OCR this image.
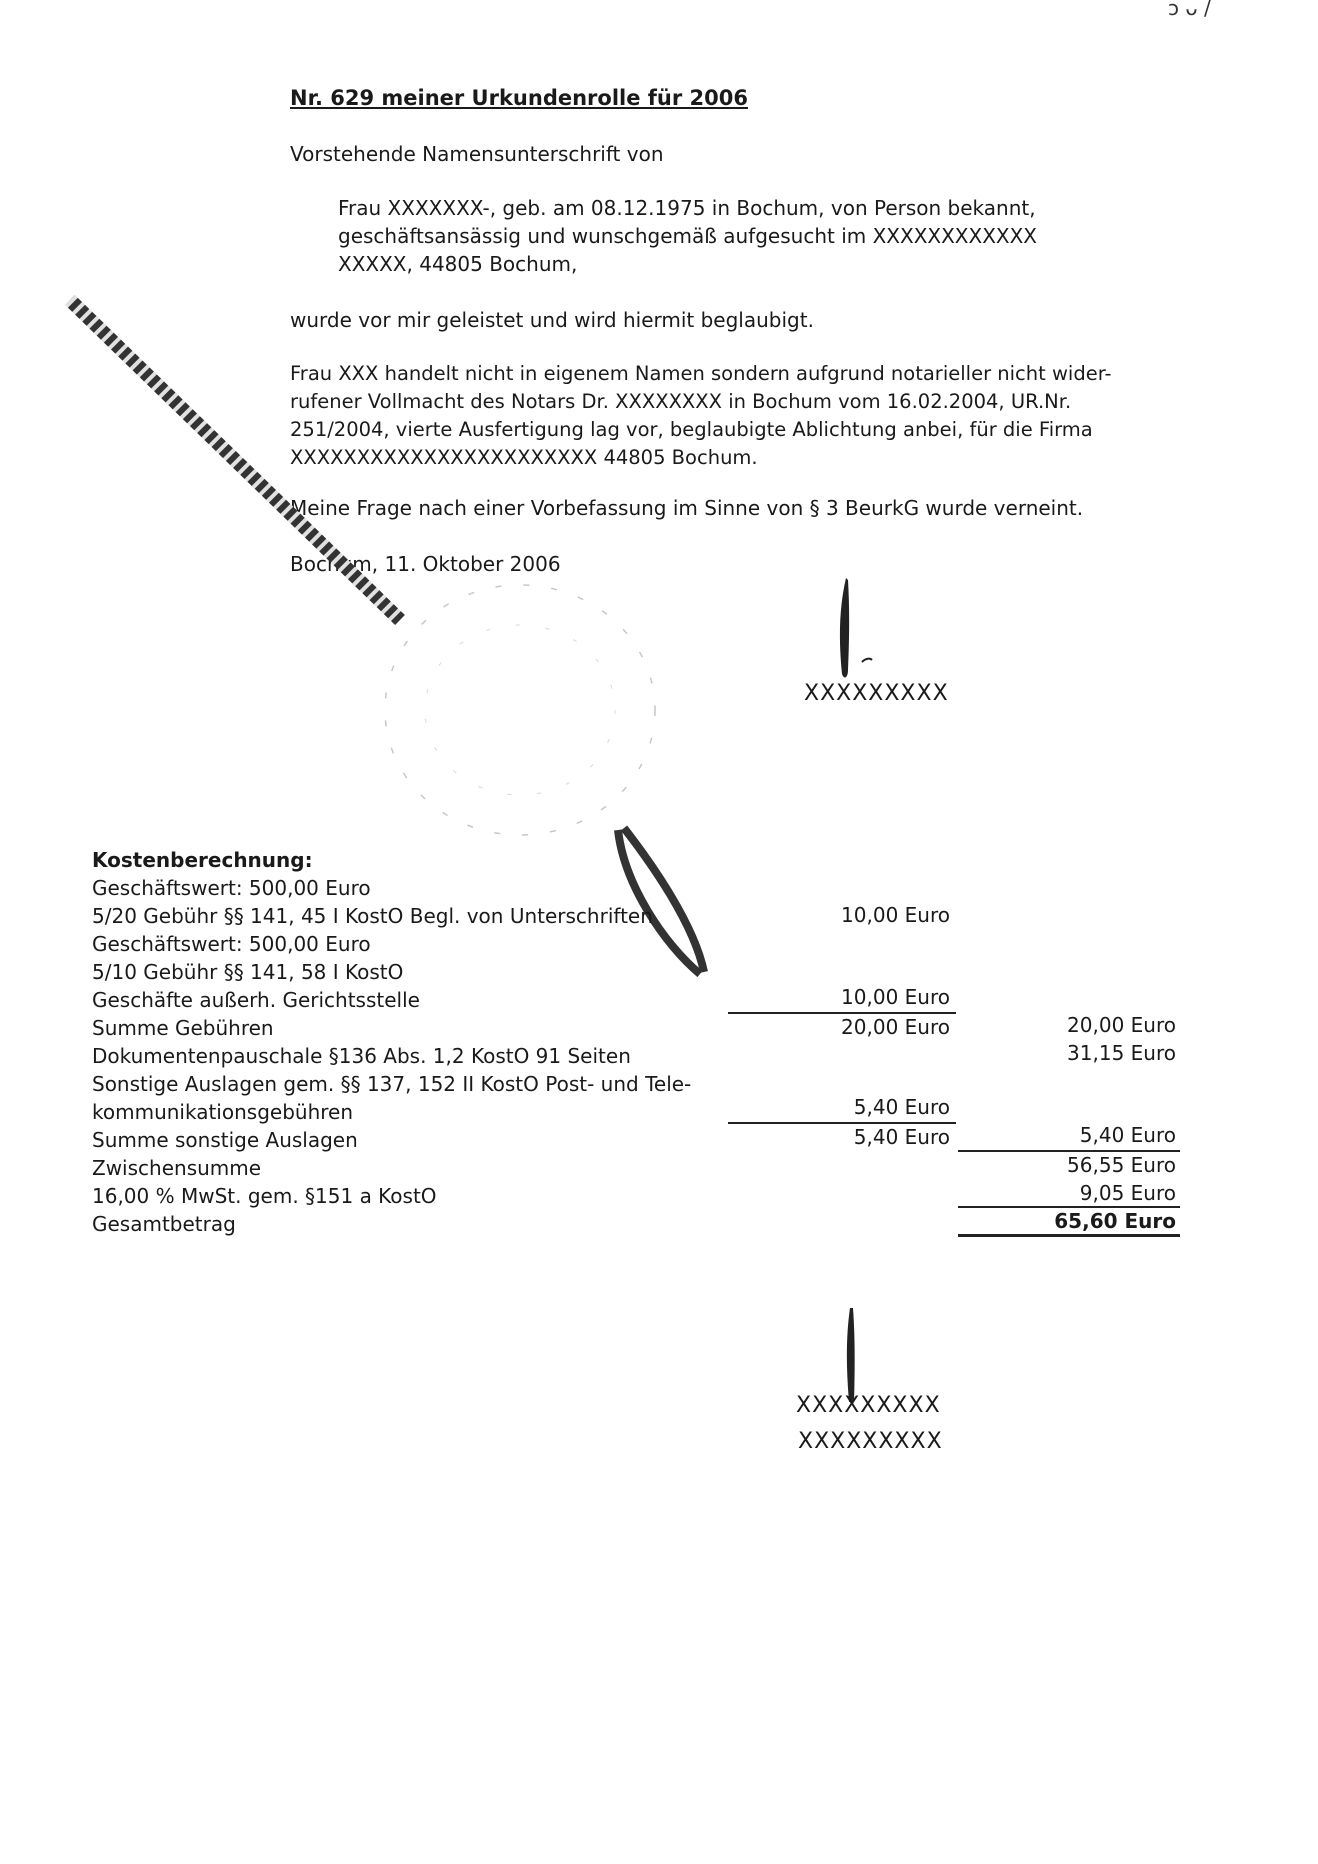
ↄ ᴗ /
Nr. 629 meiner Urkundenrolle für 2006
Vorstehende Namensunterschrift von
Frau XXXXXXX-, geb. am 08.12.1975 in Bochum, von Person bekannt,
geschäftsansässig und wunschgemäß aufgesucht im XXXXXXXXXXXX
XXXXX, 44805 Bochum,
wurde vor mir geleistet und wird hiermit beglaubigt.
Frau XXX handelt nicht in eigenem Namen sondern aufgrund notarieller nicht wider-
rufener Vollmacht des Notars Dr. XXXXXXXX in Bochum vom 16.02.2004, UR.Nr.
251/2004, vierte Ausfertigung lag vor, beglaubigte Ablichtung anbei, für die Firma
XXXXXXXXXXXXXXXXXXXXXXX 44805 Bochum.
Meine Frage nach einer Vorbefassung im Sinne von § 3 BeurkG wurde verneint.
Bochum, 11. Oktober 2006
XXXXXXXXX
Kostenberechnung:
Geschäftswert: 500,00 Euro
5/20 Gebühr §§ 141, 45 I KostO Begl. von Unterschriften
Geschäftswert: 500,00 Euro
5/10 Gebühr §§ 141, 58 I KostO
Geschäfte außerh. Gerichtsstelle
Summe Gebühren
Dokumentenpauschale §136 Abs. 1,2 KostO 91 Seiten
Sonstige Auslagen gem. §§ 137, 152 II KostO Post- und Tele-
kommunikationsgebühren
Summe sonstige Auslagen
Zwischensumme
16,00 % MwSt. gem. §151 a KostO
Gesamtbetrag
10,00 Euro
10,00 Euro
20,00 Euro
5,40 Euro
5,40 Euro
20,00 Euro
31,15 Euro
5,40 Euro
56,55 Euro
9,05 Euro
65,60 Euro
XXXXXXXXX
XXXXXXXXX
